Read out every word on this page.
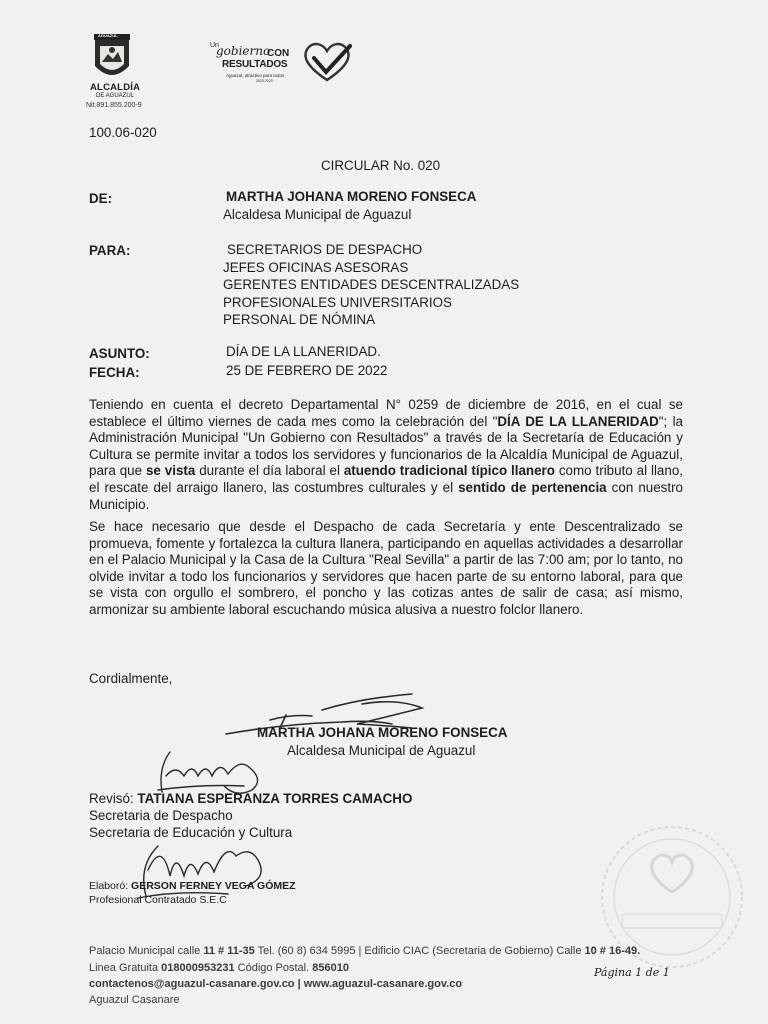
AGUAZUL
ALCALDÍA
DE AGUAZUL
Nit.891.855.200-9
Un
gobierno
CON
RESULTADOS
Aguazul, atractivo para todos
2020-2023
100.06-020
CIRCULAR No. 020
DE:	MARTHA JOHANA MORENO FONSECA
Alcaldesa Municipal de Aguazul
PARA:	SECRETARIOS DE DESPACHO
JEFES OFICINAS ASESORAS
GERENTES ENTIDADES DESCENTRALIZADAS
PROFESIONALES UNIVERSITARIOS
PERSONAL DE NÓMINA
ASUNTO:	DÍA DE LA LLANERIDAD.
FECHA:	25 DE FEBRERO DE 2022
Teniendo en cuenta el decreto Departamental N° 0259 de diciembre de 2016, en el cual se establece el último viernes de cada mes como la celebración del "DÍA DE LA LLANERIDAD"; la Administración Municipal "Un Gobierno con Resultados" a través de la Secretaría de Educación y Cultura se permite invitar a todos los servidores y funcionarios de la Alcaldía Municipal de Aguazul, para que se vista durante el día laboral el atuendo tradicional típico llanero como tributo al llano, el rescate del arraigo llanero, las costumbres culturales y el sentido de pertenencia con nuestro Municipio.
Se hace necesario que desde el Despacho de cada Secretaría y ente Descentralizado se promueva, fomente y fortalezca la cultura llanera, participando en aquellas actividades a desarrollar en el Palacio Municipal y la Casa de la Cultura "Real Sevilla" a partir de las 7:00 am; por lo tanto, no olvide invitar a todo los funcionarios y servidores que hacen parte de su entorno laboral, para que se vista con orgullo el sombrero, el poncho y las cotizas antes de salir de casa; así mismo, armonizar su ambiente laboral escuchando música alusiva a nuestro folclor llanero.
Cordialmente,
MARTHA JOHANA MORENO FONSECA
Alcaldesa Municipal de Aguazul
Revisó: TATIANA ESPERANZA TORRES CAMACHO
Secretaria de Despacho
Secretaria de Educación y Cultura
Elaboró: GERSON FERNEY VEGA GÓMEZ
Profesional Contratado S.E.C
Palacio Municipal calle 11 # 11-35 Tel. (60 8) 634 5995 | Edificio CIAC (Secretaria de Gobierno) Calle 10 # 16-49.
Linea Gratuita 018000953231 Código Postal. 856010
contactenos@aguazul-casanare.gov.co | www.aguazul-casanare.gov.co
Aguazul Casanare
Página 1 de 1
